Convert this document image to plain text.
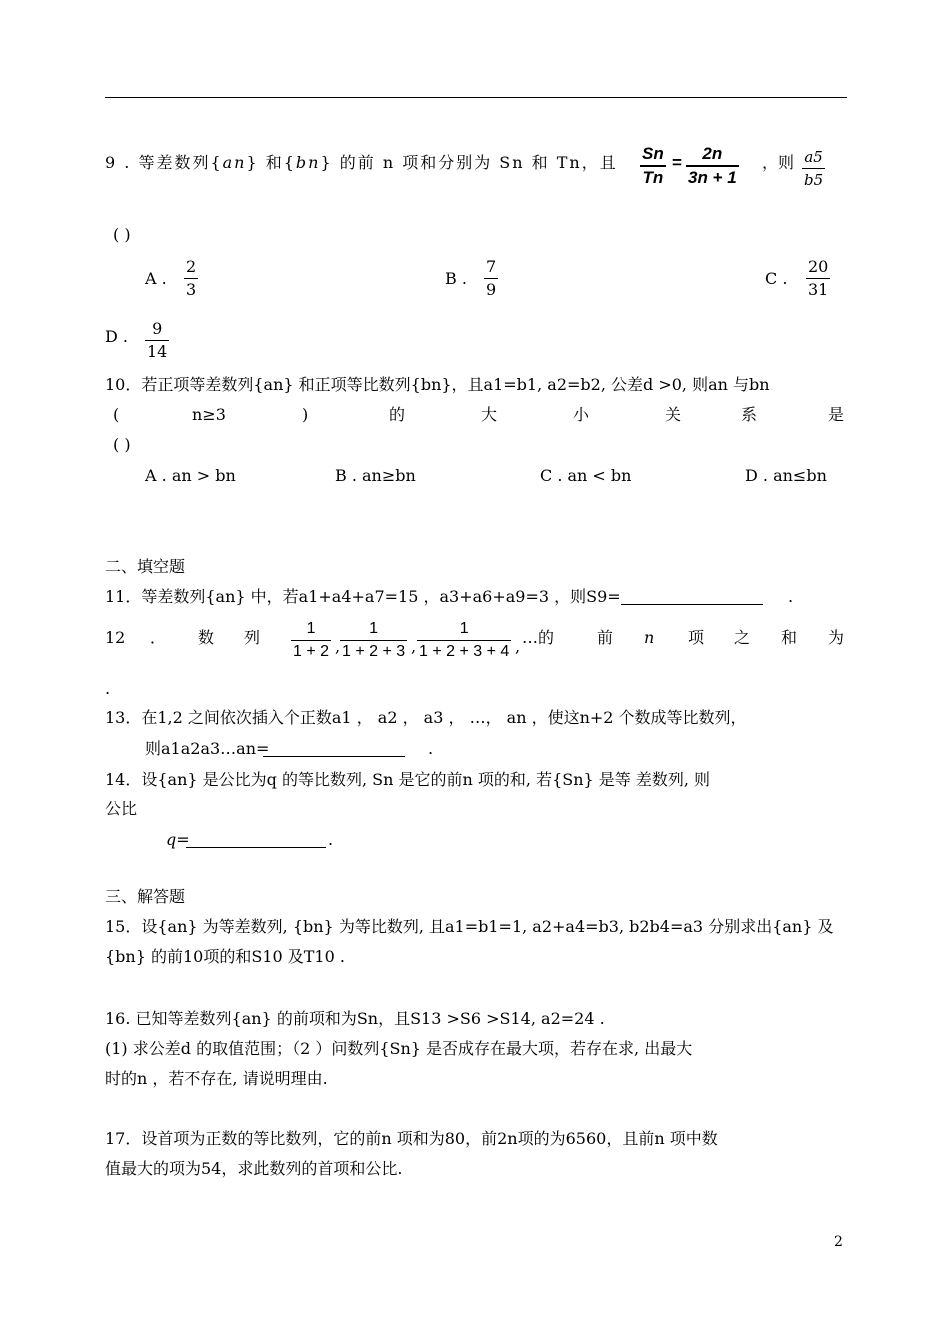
9 . 等差数列{an} 和{bn} 的前 n 项和分别为 Sn 和 Tn，且 $\frac{Sn}{Tn} = \frac{2n}{3n + 1}$ ，则 $\frac{a5}{b5}$
( )
A . $\frac{2}{3}$	B . $\frac{7}{9}$	C . $\frac{20}{31}$
D . $\frac{9}{14}$
10．若正项等差数列{an} 和正项等比数列{bn}，且a1=b1, a2=b2, 公差d >0, 则an 与bn
(	n≥3	)	的	大	小	关	系	是
( )
A . an > bn	B . an≥bn	C . an < bn	D . an≤bn
二、填空题
11．等差数列{an} 中，若a1+a4+a7=15 ，a3+a6+a9=3 ，则S9=	.
12 ． 数 列 $\frac{1}{1 + 2}$ , $\frac{1}{1 + 2 + 3}$ , $\frac{1}{1 + 2 + 3 + 4}$ , …的	前 n 项 之 和 为
.
13．在1,2 之间依次插入个正数a1 ， a2 ， a3 ， …， an ，使这n+2 个数成等比数列，
则a1a2a3…an=	.
14．设{an} 是公比为q 的等比数列, Sn 是它的前n 项的和, 若{Sn} 是等 差数列, 则
公比
q=	.
三、解答题
15．设{an} 为等差数列, {bn} 为等比数列, 且a1=b1=1, a2+a4=b3, b2b4=a3 分别求出{an} 及
{bn} 的前10项的和S10 及T10 .
16. 已知等差数列{an} 的前项和为Sn，且S13 >S6 >S14, a2=24 .
(1) 求公差d 的取值范围；（2 ）问数列{Sn} 是否成存在最大项，若存在求, 出最大
时的n ，若不存在, 请说明理由.
17．设首项为正数的等比数列，它的前n 项和为80，前2n项的为6560，且前n 项中数
值最大的项为54，求此数列的首项和公比.
2
